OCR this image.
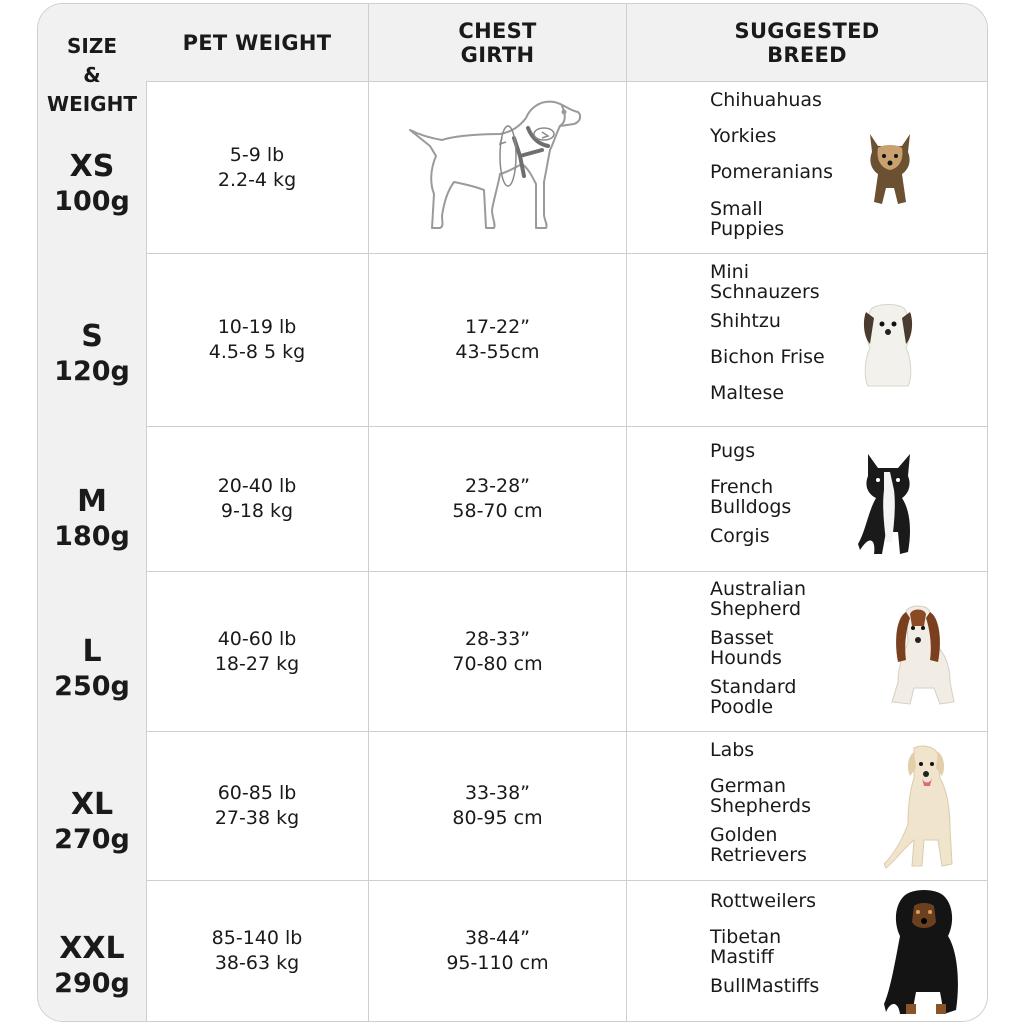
SIZE
&
WEIGHT
PET WEIGHT	CHEST
GIRTH
SUGGESTED
BREED
XS
100g
S
120g
M
180g
L
250g
XL
270g
XXL
290g
5-9 lb
2.2-4 kg
10-19 lb
4.5-8 5 kg
20-40 lb
9-18 kg
40-60 lb
18-27 kg
60-85 lb
27-38 kg
85-140 lb
38-63 kg
17-22”
43-55cm
23-28”
58-70 cm
28-33”
70-80 cm
33-38”
80-95 cm
38-44”
95-110 cm
Chihuahuas
Yorkies
Pomeranians
Small
Puppies
Mini
Schnauzers
Shihtzu
Bichon Frise
Maltese
Pugs
French
Bulldogs
Corgis
Australian
Shepherd
Basset
Hounds
Standard
Poodle
Labs
German
Shepherds
Golden
Retrievers
Rottweilers
Tibetan
Mastiff
BullMastiffs
